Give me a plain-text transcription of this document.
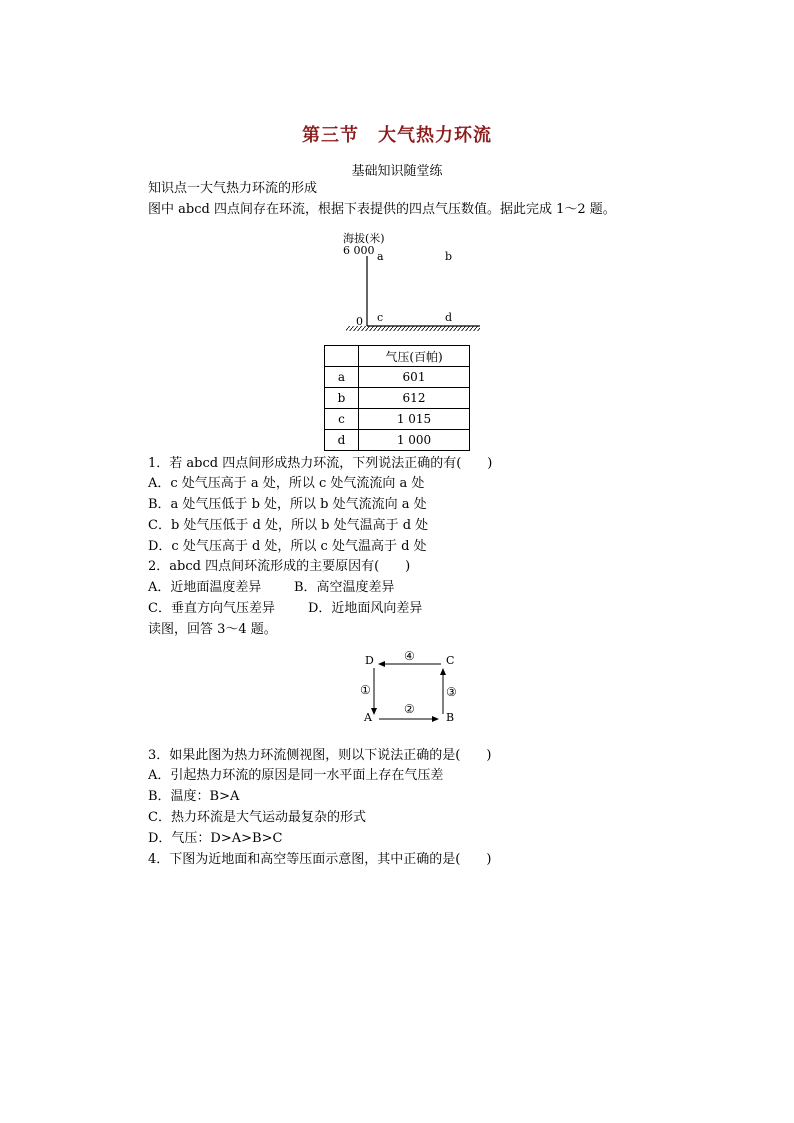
第三节　大气热力环流
基础知识随堂练
知识点一大气热力环流的形成
图中 abcd 四点间存在环流，根据下表提供的四点气压数值。据此完成 1～2 题。
海拔(米)
6 000
0
a	b
c	d
	气压(百帕)
a	601
b	612
c	1 015
d	1 000
1．若 abcd 四点间形成热力环流，下列说法正确的有(　　)
A．c 处气压高于 a 处，所以 c 处气流流向 a 处
B．a 处气压低于 b 处，所以 b 处气流流向 a 处
C．b 处气压低于 d 处，所以 b 处气温高于 d 处
D．c 处气压高于 d 处，所以 c 处气温高于 d 处
2．abcd 四点间环流形成的主要原因有(　　)
A．近地面温度差异	B．高空温度差异
C．垂直方向气压差异	D．近地面风向差异
读图，回答 3～4 题。
D	C
A	B
④
①	③
②
3．如果此图为热力环流侧视图，则以下说法正确的是(　　)
A．引起热力环流的原因是同一水平面上存在气压差
B．温度：B>A
C．热力环流是大气运动最复杂的形式
D．气压：D>A>B>C
4．下图为近地面和高空等压面示意图，其中正确的是(　　)
